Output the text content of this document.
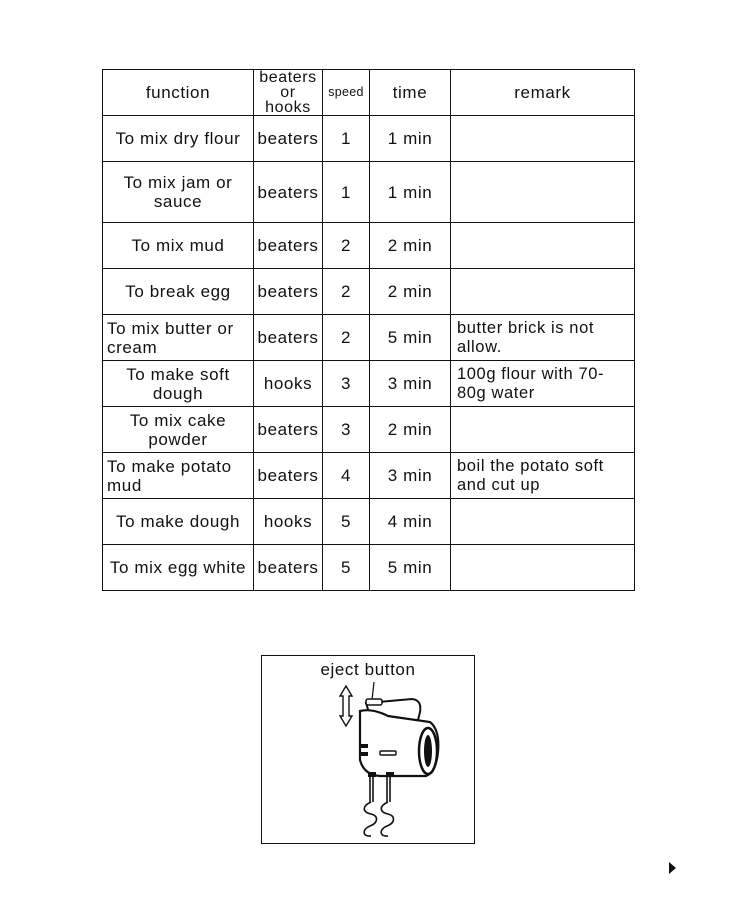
function	beaters or hooks	speed	time	remark
To mix dry flour	beaters	1	1 min	
To mix jam or sauce	beaters	1	1 min	
To mix mud	beaters	2	2 min	
To break egg	beaters	2	2 min	
To mix butter or cream	beaters	2	5 min	butter brick is not allow.
To make soft dough	hooks	3	3 min	100g flour with 70-80g water
To mix cake powder	beaters	3	2 min	
To make potato mud	beaters	4	3 min	boil the potato soft and cut up
To make dough	hooks	5	4 min	
To mix egg white	beaters	5	5 min	
eject button
